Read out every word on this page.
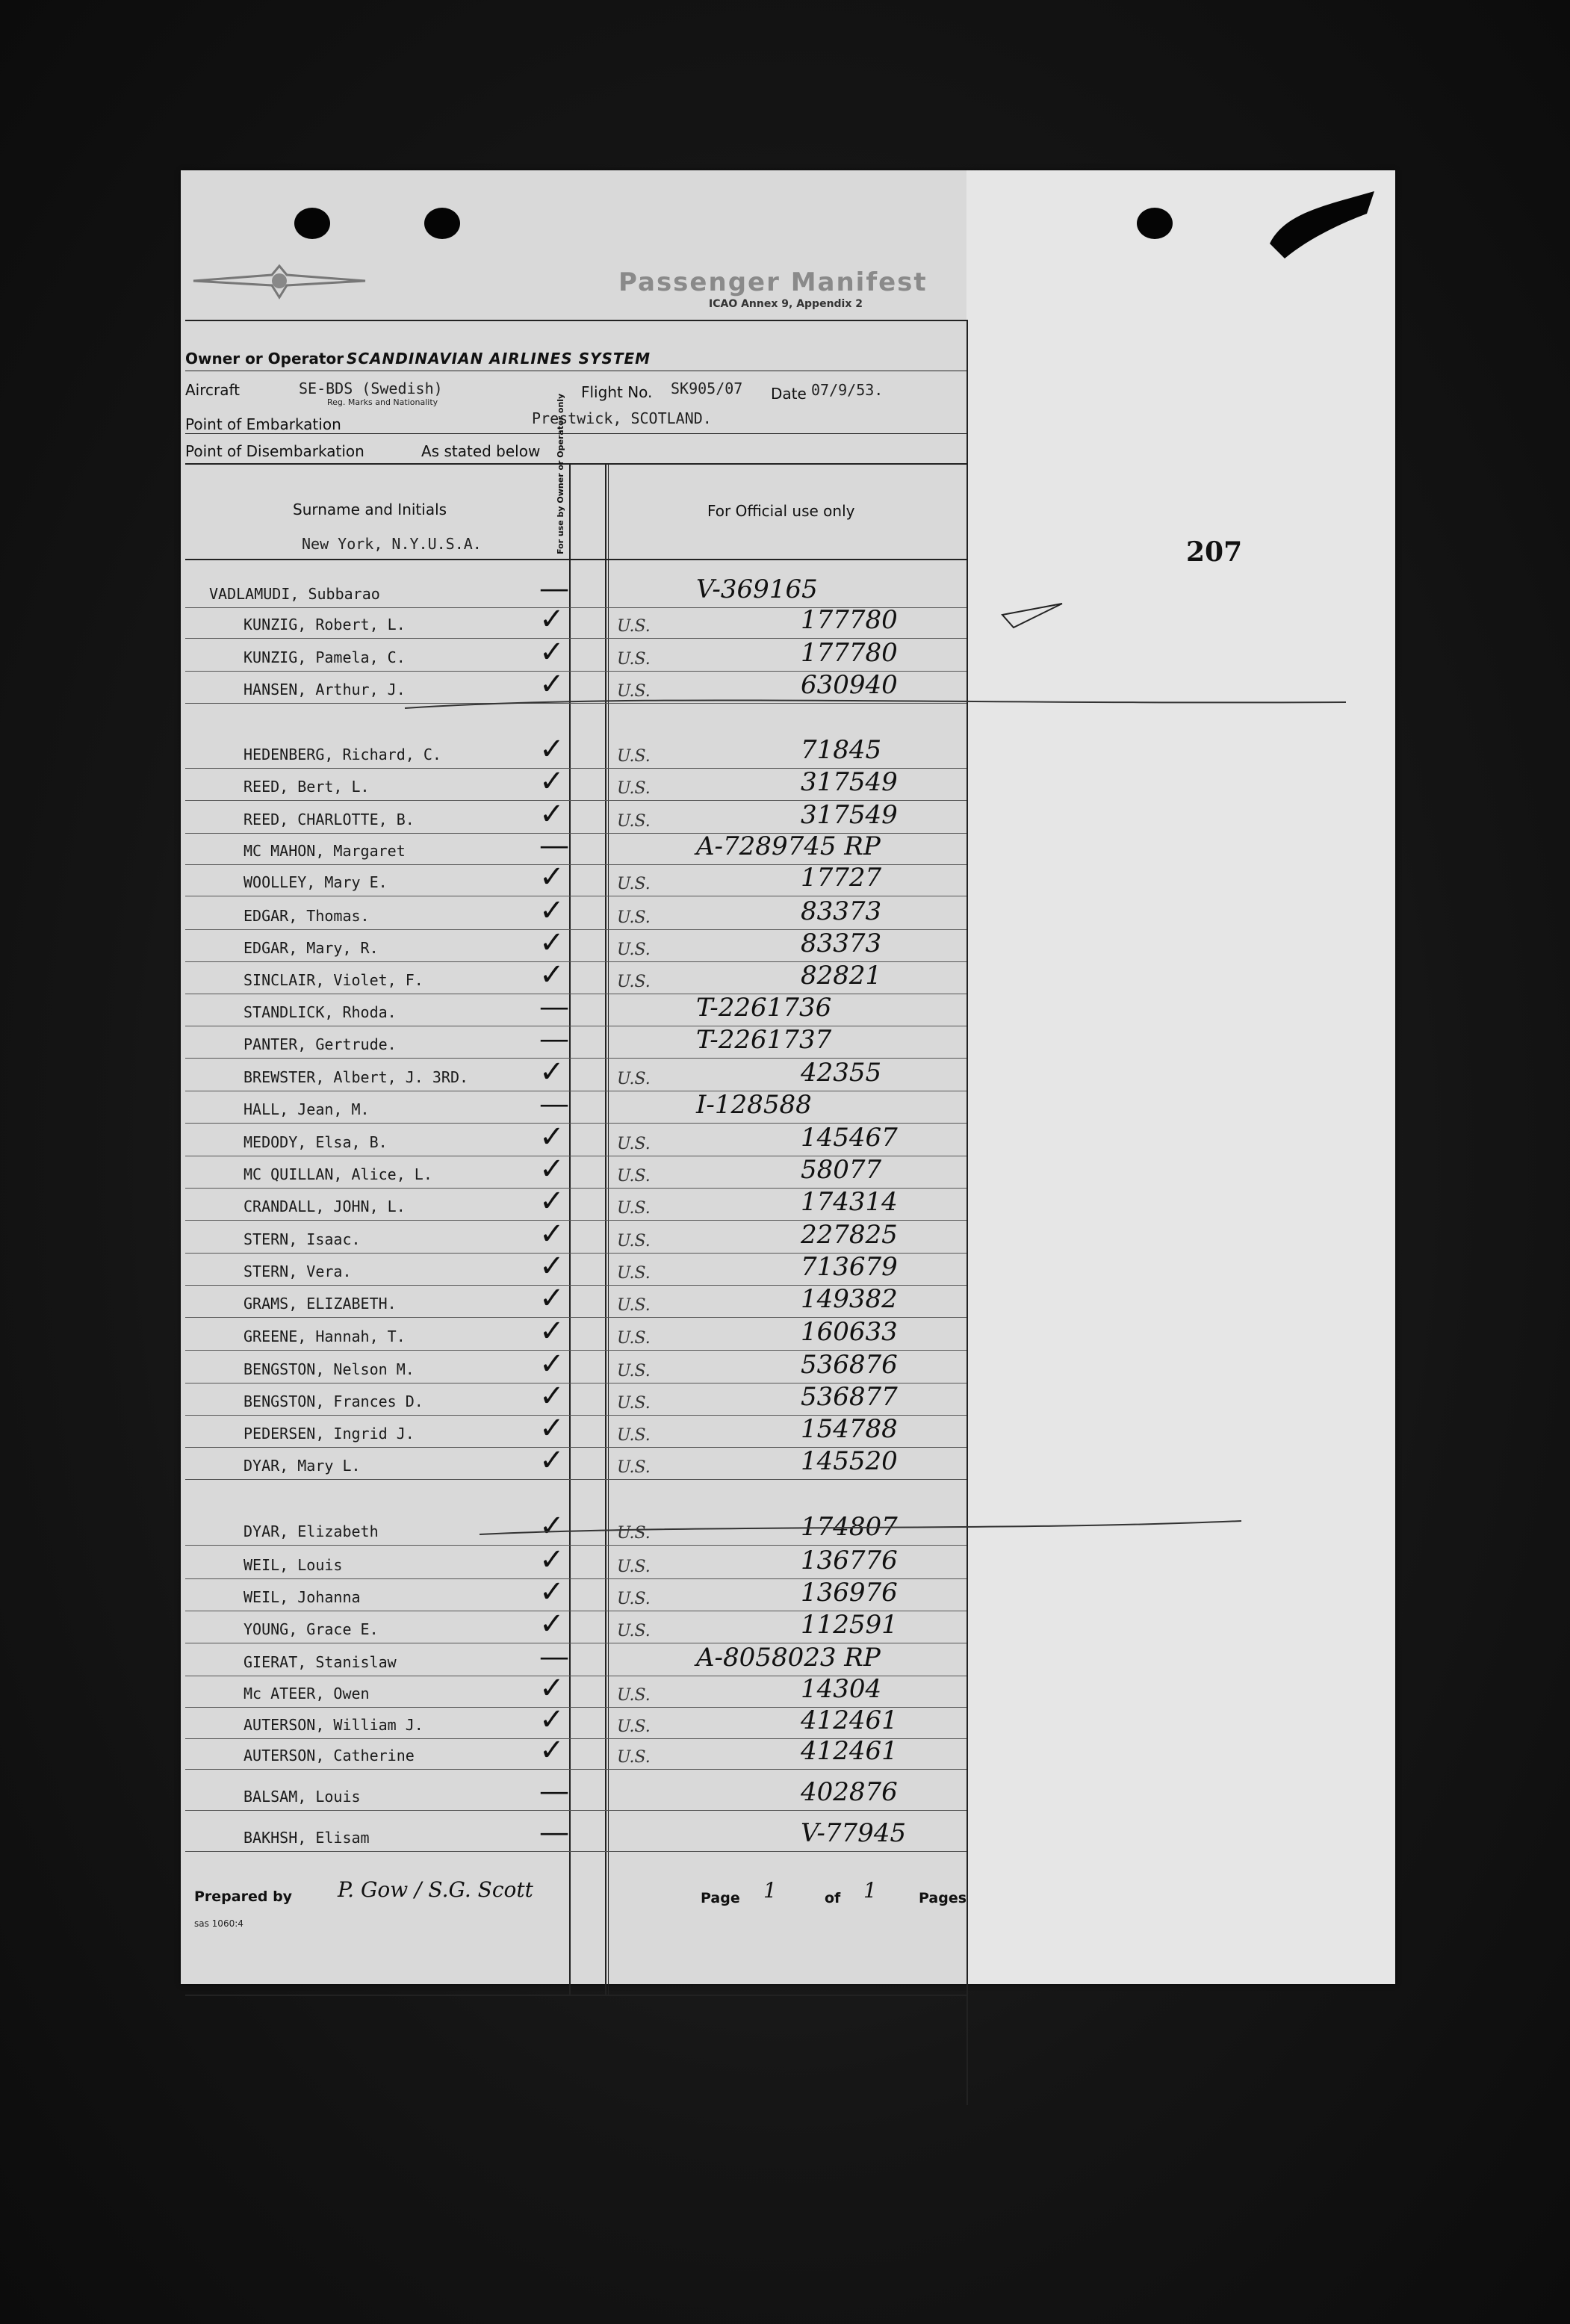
Passenger Manifest
ICAO Annex 9, Appendix 2
Owner or Operator SCANDINAVIAN AIRLINES SYSTEM
Aircraft	SE-BDS (Swedish)
Reg. Marks and Nationality
Flight No. SK905/07 Date 07/9/53.
Point of Embarkation	Prestwick, SCOTLAND.
Point of Disembarkation	As stated below
Surname and Initials	For use by Owner or Operator only	For Official use only
New York, N.Y.U.S.A.	207
VADLAMUDI, Subbarao	—	V-369165
KUNZIG, Robert, L.	✓	U.S.	177780
KUNZIG, Pamela, C.	✓	U.S.	177780
HANSEN, Arthur, J.	✓	U.S.	630940
HEDENBERG, Richard, C.	✓	U.S.	71845
REED, Bert, L.	✓	U.S.	317549
REED, CHARLOTTE, B.	✓	U.S.	317549
MC MAHON, Margaret	—	A-7289745 RP
WOOLLEY, Mary E.	✓	U.S.	17727
EDGAR, Thomas.	✓	U.S.	83373
EDGAR, Mary, R.	✓	U.S.	83373
SINCLAIR, Violet, F.	✓	U.S.	82821
STANDLICK, Rhoda.	—	T-2261736
PANTER, Gertrude.	—	T-2261737
BREWSTER, Albert, J. 3RD. ✓	U.S.	42355
HALL, Jean, M.	—	I-128588
MEDODY, Elsa, B.	✓	U.S.	145467
MC QUILLAN, Alice, L.	✓	U.S.	58077
CRANDALL, JOHN, L.	✓	U.S.	174314
STERN, Isaac.	✓	U.S.	227825
STERN, Vera.	✓	U.S.	713679
GRAMS, ELIZABETH.	✓	U.S.	149382
GREENE, Hannah, T.	✓	U.S.	160633
BENGSTON, Nelson M.	✓	U.S.	536876
BENGSTON, Frances D.	✓	U.S.	536877
PEDERSEN, Ingrid J.	✓	U.S.	154788
DYAR, Mary L.	✓	U.S.	145520
DYAR, Elizabeth	✓	U.S.	174807
WEIL, Louis	✓	U.S.	136776
WEIL, Johanna	✓	U.S.	136976
YOUNG, Grace E.	✓	U.S.	112591
GIERAT, Stanislaw	—	A-8058023 RP
Mc ATEER, Owen	✓	U.S.	14304
AUTERSON, William J.	✓	U.S.	412461
AUTERSON, Catherine	✓	U.S.	412461
BALSAM, Louis	—	402876
BAKHSH, Elisam	—	V-77945
Prepared by P. Gow / S.G. Scott	Page 1	of 1	Pages
sas 1060:4
